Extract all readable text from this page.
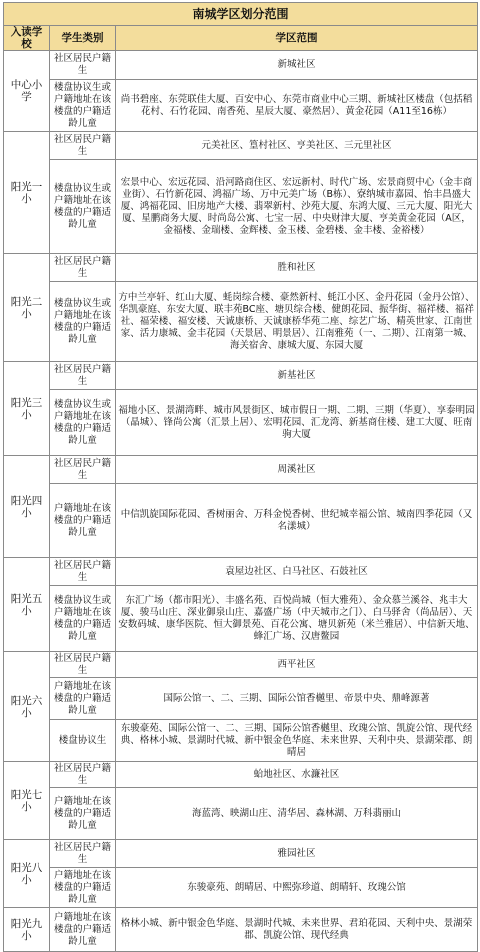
南城学区划分范围		
入读学校	学生类别	学区范围
中心小学	社区居民户籍生	新城社区
	楼盘协议生或户籍地址在该楼盘的户籍适龄儿童	尚书碧座、东莞联佳大厦、百安中心、东莞市商业中心三期、新城社区楼盘（包括稻花村、石竹花园、南香苑、星辰大厦、豪然居）、黄金花园（A11至16栋）
阳光一小	社区居民户籍生	元美社区、篁村社区、亨美社区、三元里社区
	楼盘协议生或户籍地址在该楼盘的户籍适龄儿童	宏景中心、宏远花园、沿河路商住区、宏远新村、时代广场、宏景商贸中心（金丰商业街）、石竹新花园、鸿福广场、万中元美广场（B栋）、寮纳城市嘉园、怡丰昌盛大厦、鸿福花园、旧房地产大楼、翡翠新村、沙苑大厦、东鸿大厦、三元大厦、阳光大厦、星鹏商务大厦、时尚岛公寓、七宝一居、中央财津大厦、亨美黄金花园（A区，金福楼、金瑞楼、金辉楼、金玉楼、金碧楼、金丰楼、金裕楼）
阳光二小	社区居民户籍生	胜和社区
	楼盘协议生或户籍地址在该楼盘的户籍适龄儿童	方中兰亭轩、红山大厦、蚝岗综合楼、豪然新村、蚝江小区、金丹花园（金丹公馆）、华凯豪庭、东安大厦、联丰苑BC座、塘贝综合楼、健朗花园、振华街、福祥楼、福祥社、福荣楼、福安楼、天诚康桥、天诚康桥华苑二座、综艺广场、精英世家、江南世家、活力康城、金丰花园（天景居、明景居）、江南雅苑（一、二期）、江南第一城、海关宿舍、康城大厦、东园大厦
阳光三小	社区居民户籍生	新基社区
	楼盘协议生或户籍地址在该楼盘的户籍适龄儿童	福地小区、景湖湾畔、城市风景街区、城市假日一期、二期、三期（华夏）、享泰明园（晶城）、锋尚公寓（汇景上居）、宏明花园、汇龙湾、新基商住楼、建工大厦、旺南驹大厦
阳光四小	社区居民户籍生	周溪社区
	户籍地址在该楼盘的户籍适龄儿童	中信凯旋国际花园、香树丽舍、万科金悦香树、世纪城幸福公馆、城南四季花园（又名漾城）
阳光五小	社区居民户籍生	袁屋边社区、白马社区、石鼓社区
	楼盘协议生或户籍地址在该楼盘的户籍适龄儿童	东汇广场（都市阳光）、丰盛名苑、百悦尚城（恒大雅苑）、金众慕兰溪谷、兆丰大厦、骏马山庄、深业御泉山庄、嘉盛广场（中天城市之门）、白马驿舍（尚品居）、天安数码城、康华医院、恒大御景苑、百花公寓、塘贝新苑（米兰雅居）、中信新天地、蜂汇广场、汉唐鳌园
阳光六小	社区居民户籍生	西平社区
	户籍地址在该楼盘的户籍适龄儿童	国际公馆一、二、三期、国际公馆香樾里、帝景中央、鼎峰源著
	楼盘协议生	东骏豪苑、国际公馆一、二、三期、国际公馆香樾里、玫瑰公馆、凯旋公馆、现代经典、格林小城、景湖时代城、新中银金色华庭、未来世界、天利中央、景湖荣郡、朗晴居
阳光七小	社区居民户籍生	蛤地社区、水濂社区
	户籍地址在该楼盘的户籍适龄儿童	海蓝湾、映湖山庄、清华居、森林湖、万科翡丽山
阳光八小	社区居民户籍生	雅园社区
	户籍地址在该楼盘的户籍适龄儿童	东骏豪苑、朗晴居、中熙弥珍道、朗晴轩、玫瑰公馆
阳光九小	户籍地址在该楼盘的户籍适龄儿童	格林小城、新中银金色华庭、景湖时代城、未来世界、君珀花园、天利中央、景湖荣郡、凯旋公馆、现代经典
